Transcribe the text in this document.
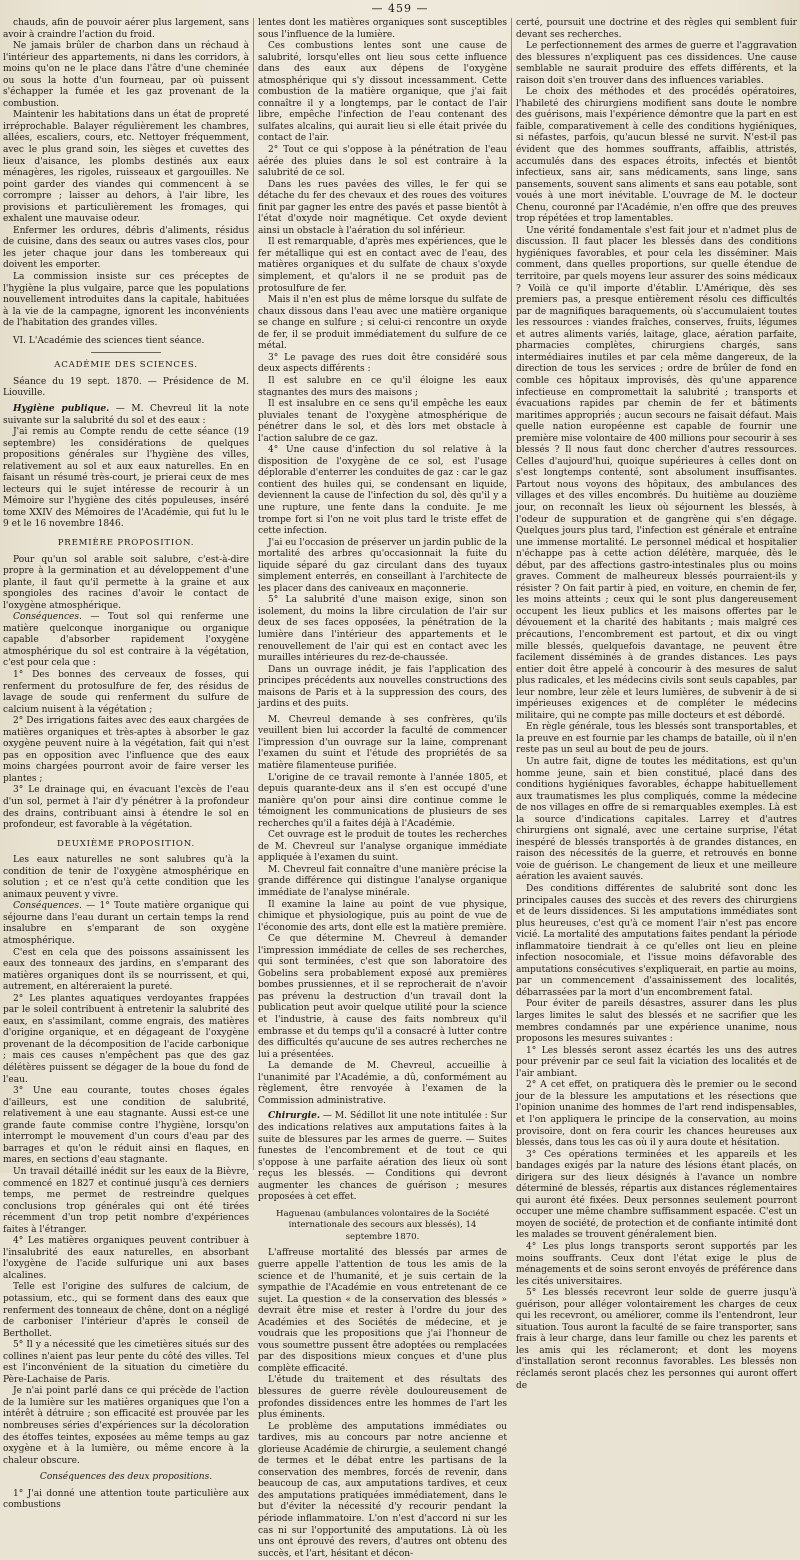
— 459 —

chauds, afin de pouvoir aérer plus largement, sans avoir à craindre l'action du froid.

Ne jamais brûler de charbon dans un réchaud à l'intérieur des appartements, ni dans les corridors, à moins qu'on ne le place dans l'âtre d'une cheminée ou sous la hotte d'un fourneau, par où puissent s'échapper la fumée et les gaz provenant de la combustion.

Maintenir les habitations dans un état de propreté irréprochable. Balayer régulièrement les chambres, allées, escaliers, cours, etc. Nettoyer fréquemment, avec le plus grand soin, les sièges et cuvettes des lieux d'aisance, les plombs destinés aux eaux ménagères, les rigoles, ruisseaux et gargouilles. Ne point garder des viandes qui commencent à se corrompre ; laisser au dehors, à l'air libre, les provisions et particulièrement les fromages, qui exhalent une mauvaise odeur.

Enfermer les ordures, débris d'aliments, résidus de cuisine, dans des seaux ou autres vases clos, pour les jeter chaque jour dans les tombereaux qui doivent les emporter.

La commission insiste sur ces préceptes de l'hygiène la plus vulgaire, parce que les populations nouvellement introduites dans la capitale, habituées à la vie de la campagne, ignorent les inconvénients de l'habitation des grandes villes.

VI. L'Académie des sciences tient séance.

ACADÉMIE DES SCIENCES.

Séance du 19 sept. 1870. — Présidence de M. Liouville.

Hygiène publique. — M. Chevreul lit la note suivante sur la salubrité du sol et des eaux :

J'ai remis au Compte rendu de cette séance (19 septembre) les considérations de quelques propositions générales sur l'hygiène des villes, relativement au sol et aux eaux naturelles. En en faisant un résumé très-court, je prierai ceux de mes lecteurs qui le sujet intéresse de recourir à un Mémoire sur l'hygiène des cités populeuses, inséré tome XXIV des Mémoires de l'Académie, qui fut lu le 9 et le 16 novembre 1846.

PREMIÈRE PROPOSITION.

Pour qu'un sol arable soit salubre, c'est-à-dire propre à la germination et au développement d'une plante, il faut qu'il permette à la graine et aux spongioles des racines d'avoir le contact de l'oxygène atmosphérique.

Conséquences. — Tout sol qui renferme une matière quelconque inorganique ou organique capable d'absorber rapidement l'oxygène atmosphérique du sol est contraire à la végétation, c'est pour cela que :

1° Des bonnes des cerveaux de fosses, qui renferment du protosulfure de fer, des résidus de lavage de soude qui renferment du sulfure de calcium nuisent à la végétation ;

2° Des irrigations faites avec des eaux chargées de matières organiques et très-aptes à absorber le gaz oxygène peuvent nuire à la végétation, fait qui n'est pas en opposition avec l'influence que des eaux moins chargées pourront avoir de faire verser les plantes ;

3° Le drainage qui, en évacuant l'excès de l'eau d'un sol, permet à l'air d'y pénétrer à la profondeur des drains, contribuant ainsi à étendre le sol en profondeur, est favorable à la végétation.

DEUXIÈME PROPOSITION.

Les eaux naturelles ne sont salubres qu'à la condition de tenir de l'oxygène atmosphérique en solution ; et ce n'est qu'à cette condition que les animaux peuvent y vivre.

Conséquences. — 1° Toute matière organique qui séjourne dans l'eau durant un certain temps la rend insalubre en s'emparant de son oxygène atmosphérique.

C'est en cela que des poissons assainissent les eaux des tonneaux des jardins, en s'emparant des matières organiques dont ils se nourrissent, et qui, autrement, en altéreraient la pureté.

2° Les plantes aquatiques verdoyantes frappées par le soleil contribuent à entretenir la salubrité des eaux, en s'assimilant, comme engrais, des matières d'origine organique, et en dégageant de l'oxygène provenant de la décomposition de l'acide carbonique ; mais ces causes n'empêchent pas que des gaz délétères puissent se dégager de la boue du fond de l'eau.

3° Une eau courante, toutes choses égales d'ailleurs, est une condition de salubrité, relativement à une eau stagnante. Aussi est-ce une grande faute commise contre l'hygiène, lorsqu'on interrompt le mouvement d'un cours d'eau par des barrages et qu'on le réduit ainsi en flaques, en mares, en sections d'eau stagnante.

Un travail détaillé inédit sur les eaux de la Bièvre, commencé en 1827 et continué jusqu'à ces derniers temps, me permet de restreindre quelques conclusions trop générales qui ont été tirées récemment d'un trop petit nombre d'expériences faites à l'étranger.

4° Les matières organiques peuvent contribuer à l'insalubrité des eaux naturelles, en absorbant l'oxygène de l'acide sulfurique uni aux bases alcalines.

Telle est l'origine des sulfures de calcium, de potassium, etc., qui se forment dans des eaux que renferment des tonneaux de chêne, dont on a négligé de carboniser l'intérieur d'après le conseil de Berthollet.

5° Il y a nécessité que les cimetières situés sur des collines n'aient pas leur pente du côté des villes. Tel est l'inconvénient de la situation du cimetière du Père-Lachaise de Paris.

Je n'ai point parlé dans ce qui précède de l'action de la lumière sur les matières organiques que l'on a intérêt à détruire ; son efficacité est prouvée par les nombreuses séries d'expériences sur la décoloration des étoffes teintes, exposées au même temps au gaz oxygène et à la lumière, ou même encore à la chaleur obscure.

Conséquences des deux propositions.

1° J'ai donné une attention toute particulière aux combustions

lentes dont les matières organiques sont susceptibles sous l'influence de la lumière.

Ces combustions lentes sont une cause de salubrité, lorsqu'elles ont lieu sous cette influence dans des eaux aux dépens de l'oxygène atmosphérique qui s'y dissout incessamment. Cette combustion de la matière organique, que j'ai fait connaître il y a longtemps, par le contact de l'air libre, empêche l'infection de l'eau contenant des sulfates alcalins, qui aurait lieu si elle était privée du contact de l'air.

2° Tout ce qui s'oppose à la pénétration de l'eau aérée des pluies dans le sol est contraire à la salubrité de ce sol.

Dans les rues pavées des villes, le fer qui se détache du fer des chevaux et des roues des voitures finit par gagner les entre des pavés et passe bientôt à l'état d'oxyde noir magnétique. Cet oxyde devient ainsi un obstacle à l'aération du sol inférieur.

Il est remarquable, d'après mes expériences, que le fer métallique qui est en contact avec de l'eau, des matières organiques et du sulfate de chaux s'oxyde simplement, et qu'alors il ne se produit pas de protosulfure de fer.

Mais il n'en est plus de même lorsque du sulfate de chaux dissous dans l'eau avec une matière organique se change en sulfure ; si celui-ci rencontre un oxyde de fer, il se produit immédiatement du sulfure de ce métal.

3° Le pavage des rues doit être considéré sous deux aspects différents :

Il est salubre en ce qu'il éloigne les eaux stagnantes des murs des maisons ;

Il est insalubre en ce sens qu'il empêche les eaux pluviales tenant de l'oxygène atmosphérique de pénétrer dans le sol, et dès lors met obstacle à l'action salubre de ce gaz.

4° Une cause d'infection du sol relative à la disposition de l'oxygène de ce sol, est l'usage déplorable d'enterrer les conduites de gaz : car le gaz contient des huiles qui, se condensant en liquide, deviennent la cause de l'infection du sol, dès qu'il y a une rupture, une fente dans la conduite. Je me trompe fort si l'on ne voit plus tard le triste effet de cette infection.

J'ai eu l'occasion de préserver un jardin public de la mortalité des arbres qu'occasionnait la fuite du liquide séparé du gaz circulant dans des tuyaux simplement enterrés, en conseillant à l'architecte de les placer dans des caniveaux en maçonnerie.

5° La salubrité d'une maison exige, sinon son isolement, du moins la libre circulation de l'air sur deux de ses faces opposées, la pénétration de la lumière dans l'intérieur des appartements et le renouvellement de l'air qui est en contact avec les murailles intérieures du rez-de-chaussée.

Dans un ouvrage inédit, je fais l'application des principes précédents aux nouvelles constructions des maisons de Paris et à la suppression des cours, des jardins et des puits.

M. Chevreul demande à ses confrères, qu'ils veuillent bien lui accorder la faculté de commencer l'impression d'un ouvrage sur la laine, comprenant l'examen du suint et l'étude des propriétés de sa matière filamenteuse purifiée.

L'origine de ce travail remonte à l'année 1805, et depuis quarante-deux ans il s'en est occupé d'une manière qu'on pour ainsi dire continue comme le témoignent les communications de plusieurs de ses recherches qu'il a faites déjà à l'Académie.

Cet ouvrage est le produit de toutes les recherches de M. Chevreul sur l'analyse organique immédiate appliquée à l'examen du suint.

M. Chevreul fait connaître d'une manière précise la grande différence qui distingue l'analyse organique immédiate de l'analyse minérale.

Il examine la laine au point de vue physique, chimique et physiologique, puis au point de vue de l'économie des arts, dont elle est la matière première.

Ce que détermine M. Chevreul à demander l'impression immédiate de celles de ses recherches, qui sont terminées, c'est que son laboratoire des Gobelins sera probablement exposé aux premières bombes prussiennes, et il se reprocherait de n'avoir pas prévenu la destruction d'un travail dont la publication peut avoir quelque utilité pour la science et l'industrie, à cause des faits nombreux qu'il embrasse et du temps qu'il a consacré à lutter contre des difficultés qu'aucune de ses autres recherches ne lui a présentées.

La demande de M. Chevreul, accueillie à l'unanimité par l'Académie, a dû, conformément au règlement, être renvoyée à l'examen de la Commission administrative.

Chirurgie. — M. Sédillot lit une note intitulée : Sur des indications relatives aux amputations faites à la suite de blessures par les armes de guerre. — Suites funestes de l'encombrement et de tout ce qui s'oppose à une parfaite aération des lieux où sont reçus les blessés. — Conditions qui devront augmenter les chances de guérison ; mesures proposées à cet effet.

Haguenau (ambulances volontaires de la Société internationale des secours aux blessés), 14 septembre 1870.

L'affreuse mortalité des blessés par armes de guerre appelle l'attention de tous les amis de la science et de l'humanité, et je suis certain de la sympathie de l'Académie en vous entretenant de ce sujet. La question « de la conservation des blessés » devrait être mise et rester à l'ordre du jour des Académies et des Sociétés de médecine, et je voudrais que les propositions que j'ai l'honneur de vous soumettre pussent être adoptées ou remplacées par des dispositions mieux conçues et d'une plus complète efficacité.

L'étude du traitement et des résultats des blessures de guerre révèle douloureusement de profondes dissidences entre les hommes de l'art les plus éminents.

Le problème des amputations immédiates ou tardives, mis au concours par notre ancienne et glorieuse Académie de chirurgie, a seulement changé de termes et le débat entre les partisans de la conservation des membres, forcés de revenir, dans beaucoup de cas, aux amputations tardives, et ceux des amputations pratiquées immédiatement, dans le but d'éviter la nécessité d'y recourir pendant la période inflammatoire. L'on n'est d'accord ni sur les cas ni sur l'opportunité des amputations. Là où les uns ont éprouvé des revers, d'autres ont obtenu des succès, et l'art, hésitant et décon-

certé, poursuit une doctrine et des règles qui semblent fuir devant ses recherches.

Le perfectionnement des armes de guerre et l'aggravation des blessures n'expliquent pas ces dissidences. Une cause semblable ne saurait produire des effets différents, et la raison doit s'en trouver dans des influences variables.

Le choix des méthodes et des procédés opératoires, l'habileté des chirurgiens modifient sans doute le nombre des guérisons, mais l'expérience démontre que la part en est faible, comparativement à celle des conditions hygiéniques, si néfastes, parfois, qu'aucun blessé ne survit. N'est-il pas évident que des hommes souffrants, affaiblis, attristés, accumulés dans des espaces étroits, infectés et bientôt infectieux, sans air, sans médicaments, sans linge, sans pansements, souvent sans aliments et sans eau potable, sont voués à une mort inévitable. L'ouvrage de M. le docteur Chenu, couronné par l'Académie, n'en offre que des preuves trop répétées et trop lamentables.

Une vérité fondamentale s'est fait jour et n'admet plus de discussion. Il faut placer les blessés dans des conditions hygiéniques favorables, et pour cela les disséminer. Mais comment, dans quelles proportions, sur quelle étendue de territoire, par quels moyens leur assurer des soins médicaux ? Voilà ce qu'il importe d'établir. L'Amérique, dès ses premiers pas, a presque entièrement résolu ces difficultés par de magnifiques baraquements, où s'accumulaient toutes les ressources : viandes fraîches, conserves, fruits, légumes et autres aliments variés, laitage, glace, aération parfaite, pharmacies complètes, chirurgiens chargés, sans intermédiaires inutiles et par cela même dangereux, de la direction de tous les services ; ordre de brûler de fond en comble ces hôpitaux improvisés, dès qu'une apparence infectieuse en compromettait la salubrité ; transports et évacuations rapides par chemin de fer et bâtiments maritimes appropriés ; aucun secours ne faisait défaut. Mais quelle nation européenne est capable de fournir une première mise volontaire de 400 millions pour secourir à ses blessés ? Il nous faut donc chercher d'autres ressources. Celles d'aujourd'hui, quoique supérieures à celles dont on s'est longtemps contenté, sont absolument insuffisantes. Partout nous voyons des hôpitaux, des ambulances des villages et des villes encombrés. Du huitième au douzième jour, on reconnaît les lieux où séjournent les blessés, à l'odeur de suppuration et de gangrène qui s'en dégage. Quelques jours plus tard, l'infection est générale et entraîne une immense mortalité. Le personnel médical et hospitalier n'échappe pas à cette action délétère, marquée, dès le début, par des affections gastro-intestinales plus ou moins graves. Comment de malheureux blessés pourraient-ils y résister ? On fait partir à pied, en voiture, en chemin de fer, les moins atteints ; ceux qui le sont plus dangereusement occupent les lieux publics et les maisons offertes par le dévouement et la charité des habitants ; mais malgré ces précautions, l'encombrement est partout, et dix ou vingt mille blessés, quelquefois davantage, ne peuvent être facilement disséminés à de grandes distances. Les pays entier doit être appelé à concourir à des mesures de salut plus radicales, et les médecins civils sont seuls capables, par leur nombre, leur zèle et leurs lumières, de subvenir à de si impérieuses exigences et de compléter le médecins militaire, qui ne compte pas mille docteurs et est débordé.

En règle générale, tous les blessés sont transportables, et la preuve en est fournie par les champs de bataille, où il n'en reste pas un seul au bout de peu de jours.

Un autre fait, digne de toutes les méditations, est qu'un homme jeune, sain et bien constitué, placé dans des conditions hygiéniques favorables, échappe habituellement aux traumatismes les plus compliqués, comme la médecine de nos villages en offre de si remarquables exemples. Là est la source d'indications capitales. Larrey et d'autres chirurgiens ont signalé, avec une certaine surprise, l'état inespéré de blessés transportés à de grandes distances, en raison des nécessités de la guerre, et retrouvés en bonne voie de guérison. Le changement de lieux et une meilleure aération les avaient sauvés.

Des conditions différentes de salubrité sont donc les principales causes des succès et des revers des chirurgiens et de leurs dissidences. Si les amputations immédiates sont plus heureuses, c'est qu'à ce moment l'air n'est pas encore vicié. La mortalité des amputations faites pendant la période inflammatoire tiendrait à ce qu'elles ont lieu en pleine infection nosocomiale, et l'issue moins défavorable des amputations consécutives s'expliquerait, en partie au moins, par un commencement d'assainissement des localités, débarrassées par la mort d'un encombrement fatal.

Pour éviter de pareils désastres, assurer dans les plus larges limites le salut des blessés et ne sacrifier que les membres condamnés par une expérience unanime, nous proposons les mesures suivantes :

1° Les blessés seront assez écartés les uns des autres pour prévenir par ce seul fait la viciation des localités et de l'air ambiant.

2° A cet effet, on pratiquera dès le premier ou le second jour de la blessure les amputations et les résections que l'opinion unanime des hommes de l'art rend indispensables, et l'on appliquera le principe de la conservation, au moins provisoire, dont on fera courir les chances heureuses aux blessés, dans tous les cas où il y aura doute et hésitation.

3° Ces opérations terminées et les appareils et les bandages exigés par la nature des lésions étant placés, on dirigera sur des lieux désignés à l'avance un nombre déterminé de blessés, répartis aux distances réglementaires qui auront été fixées. Deux personnes seulement pourront occuper une même chambre suffisamment espacée. C'est un moyen de société, de protection et de confiante intimité dont les malades se trouvent généralement bien.

4° Les plus longs transports seront supportés par les moins souffrants. Ceux dont l'état exige le plus de ménagements et de soins seront envoyés de préférence dans les cités universitaires.

5° Les blessés recevront leur solde de guerre jusqu'à guérison, pour alléger volontairement les charges de ceux qui les recevront, ou améliorer, comme ils l'entendront, leur situation. Tous auront la faculté de se faire transporter, sans frais à leur charge, dans leur famille ou chez les parents et les amis qui les réclameront; et dont les moyens d'installation seront reconnus favorables. Les blessés non réclamés seront placés chez les personnes qui auront offert de
